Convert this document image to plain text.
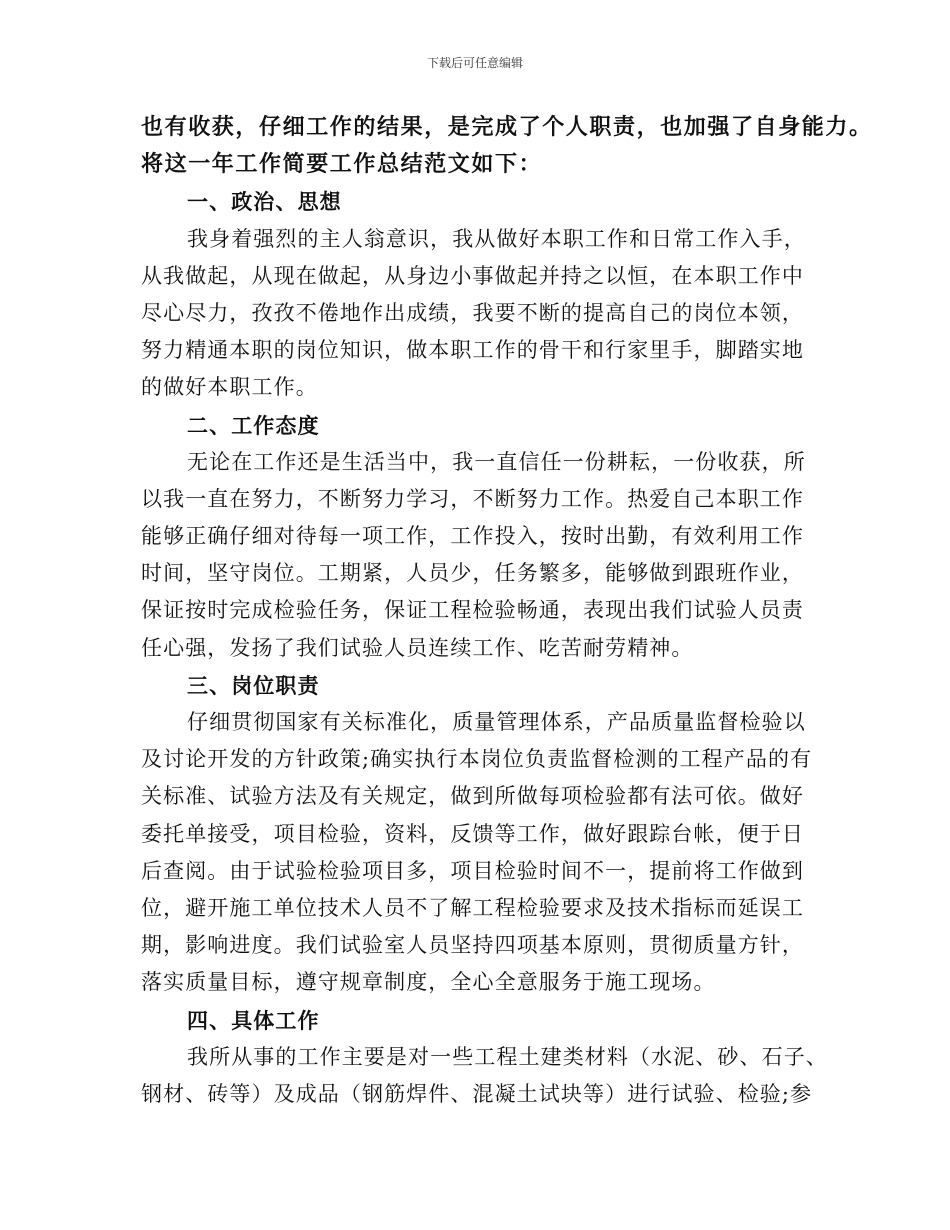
下载后可任意编辑
也有收获，仔细工作的结果，是完成了个人职责，也加强了自身能力。
将这一年工作简要工作总结范文如下：
一、政治、思想
我身着强烈的主人翁意识，我从做好本职工作和日常工作入手，
从我做起，从现在做起，从身边小事做起并持之以恒，在本职工作中
尽心尽力，孜孜不倦地作出成绩，我要不断的提高自己的岗位本领，
努力精通本职的岗位知识，做本职工作的骨干和行家里手，脚踏实地
的做好本职工作。
二、工作态度
无论在工作还是生活当中，我一直信任一份耕耘，一份收获，所
以我一直在努力，不断努力学习，不断努力工作。热爱自己本职工作
能够正确仔细对待每一项工作，工作投入，按时出勤，有效利用工作
时间，坚守岗位。工期紧，人员少，任务繁多，能够做到跟班作业，
保证按时完成检验任务，保证工程检验畅通，表现出我们试验人员责
任心强，发扬了我们试验人员连续工作、吃苦耐劳精神。
三、岗位职责
仔细贯彻国家有关标准化，质量管理体系，产品质量监督检验以
及讨论开发的方针政策;确实执行本岗位负责监督检测的工程产品的有
关标准、试验方法及有关规定，做到所做每项检验都有法可依。做好
委托单接受，项目检验，资料，反馈等工作，做好跟踪台帐，便于日
后查阅。由于试验检验项目多，项目检验时间不一，提前将工作做到
位，避开施工单位技术人员不了解工程检验要求及技术指标而延误工
期，影响进度。我们试验室人员坚持四项基本原则，贯彻质量方针，
落实质量目标，遵守规章制度，全心全意服务于施工现场。
四、具体工作
我所从事的工作主要是对一些工程土建类材料（水泥、砂、石子、
钢材、砖等）及成品（钢筋焊件、混凝土试块等）进行试验、检验;参
